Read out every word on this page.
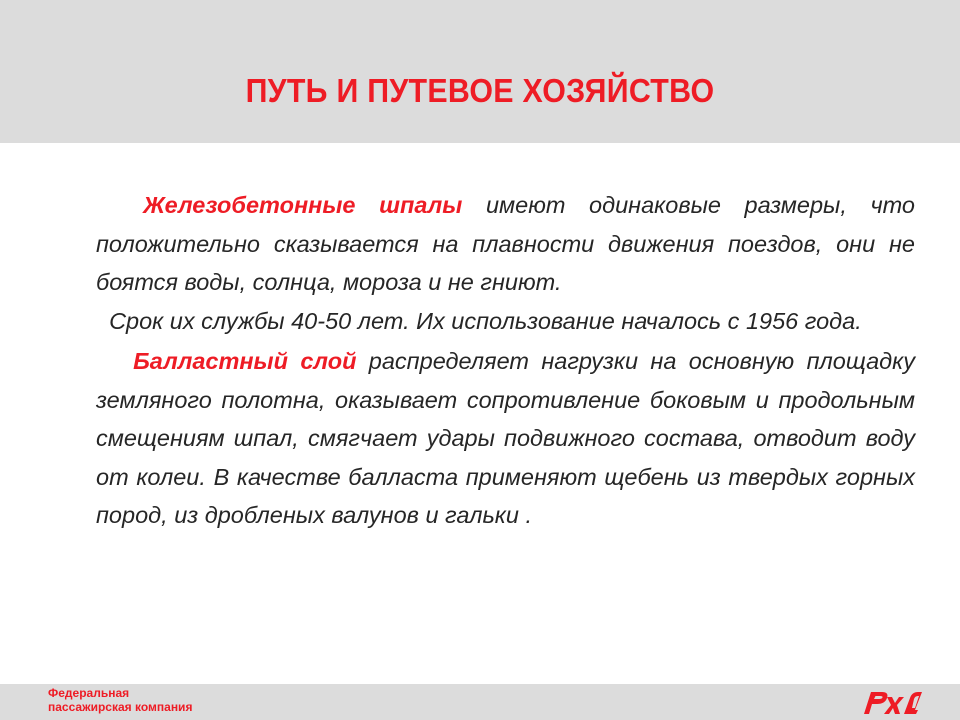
ПУТЬ И ПУТЕВОЕ ХОЗЯЙСТВО

Железобетонные шпалы имеют одинаковые размеры, что положительно сказывается на плавности движения поездов, они не боятся воды, солнца, мороза и не гниют.

Срок их службы 40-50 лет. Их использование началось с 1956 года.

Балластный слой распределяет нагрузки на основную площадку земляного полотна, оказывает сопротивление боковым и продольным смещениям шпал, смягчает удары подвижного состава, отводит воду от колеи. В качестве балласта применяют щебень из твердых горных пород, из дробленых валунов и гальки .

Федеральная
пассажирская компания
